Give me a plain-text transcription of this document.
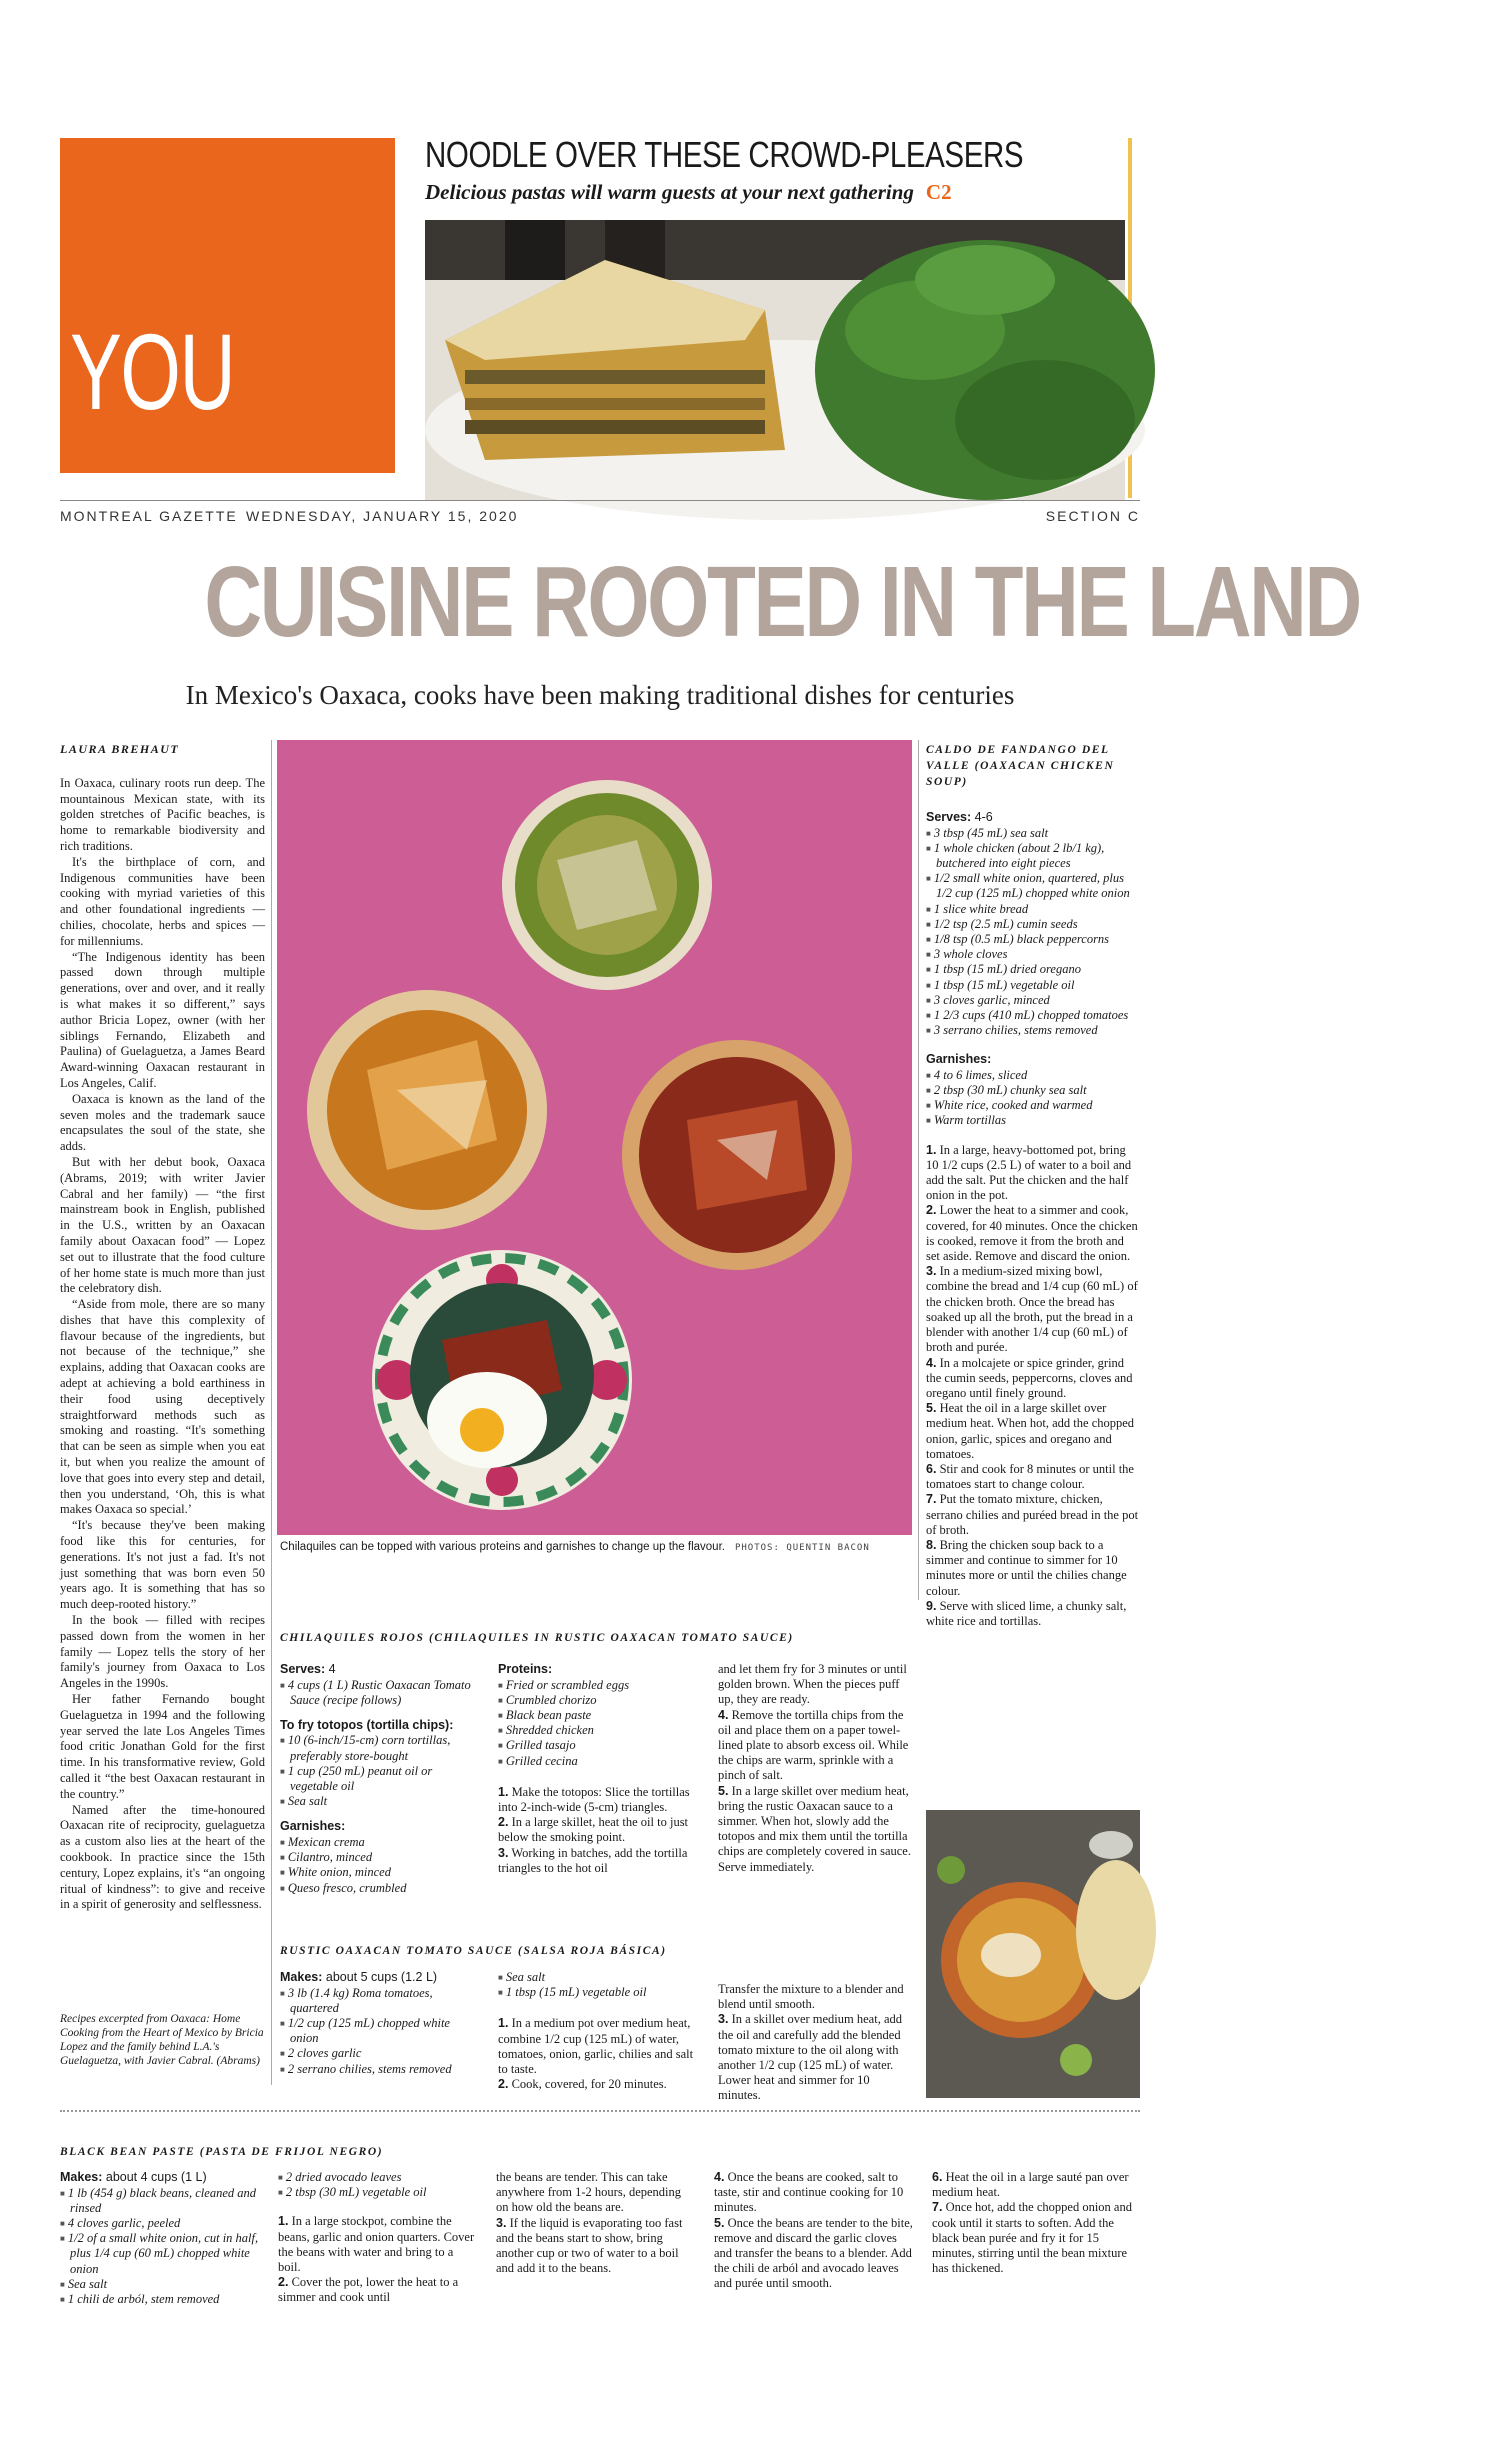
YOU
NOODLE OVER THESE CROWD-PLEASERS
Delicious pastas will warm guests at your next gathering C2
MONTREAL GAZETTE WEDNESDAY, JANUARY 15, 2020	SECTION C
CUISINE ROOTED IN THE LAND
In Mexico's Oaxaca, cooks have been making traditional dishes for centuries
LAURA BREHAUT

In Oaxaca, culinary roots run deep. The mountainous Mexican state, with its golden stretches of Pacific beaches, is home to remarkable biodiversity and rich traditions.

It's the birthplace of corn, and Indigenous communities have been cooking with myriad varieties of this and other foundational ingredients — chilies, chocolate, herbs and spices — for millenniums.

“The Indigenous identity has been passed down through multiple generations, over and over, and it really is what makes it so different,” says author Bricia Lopez, owner (with her siblings Fernando, Elizabeth and Paulina) of Guelaguetza, a James Beard Award-winning Oaxacan restaurant in Los Angeles, Calif.

Oaxaca is known as the land of the seven moles and the trademark sauce encapsulates the soul of the state, she adds.

But with her debut book, Oaxaca (Abrams, 2019; with writer Javier Cabral and her family) — “the first mainstream book in English, published in the U.S., written by an Oaxacan family about Oaxacan food” — Lopez set out to illustrate that the food culture of her home state is much more than just the celebratory dish.

“Aside from mole, there are so many dishes that have this complexity of flavour because of the ingredients, but not because of the technique,” she explains, adding that Oaxacan cooks are adept at achieving a bold earthiness in their food using deceptively straightforward methods such as smoking and roasting. “It's something that can be seen as simple when you eat it, but when you realize the amount of love that goes into every step and detail, then you understand, ‘Oh, this is what makes Oaxaca so special.’

“It's because they've been making food like this for centuries, for generations. It's not just a fad. It's not just something that was born even 50 years ago. It is something that has so much deep-rooted history.”

In the book — filled with recipes passed down from the women in her family — Lopez tells the story of her family's journey from Oaxaca to Los Angeles in the 1990s.

Her father Fernando bought Guelaguetza in 1994 and the following year served the late Los Angeles Times food critic Jonathan Gold for the first time. In his transformative review, Gold called it “the best Oaxacan restaurant in the country.”

Named after the time-honoured Oaxacan rite of reciprocity, guelaguetza as a custom also lies at the heart of the cookbook. In practice since the 15th century, Lopez explains, it's “an ongoing ritual of kindness”: to give and receive in a spirit of generosity and selflessness.

Recipes excerpted from Oaxaca: Home Cooking from the Heart of Mexico by Bricia Lopez and the family behind L.A.'s Guelaguetza, with Javier Cabral. (Abrams)
Chilaquiles can be topped with various proteins and garnishes to change up the flavour. PHOTOS: QUENTIN BACON
CALDO DE FANDANGO DEL VALLE (OAXACAN CHICKEN SOUP)
Serves: 4-6
■ 3 tbsp (45 mL) sea salt
■ 1 whole chicken (about 2 lb/1 kg), butchered into eight pieces
■ 1/2 small white onion, quartered, plus 1/2 cup (125 mL) chopped white onion
■ 1 slice white bread
■ 1/2 tsp (2.5 mL) cumin seeds
■ 1/8 tsp (0.5 mL) black peppercorns
■ 3 whole cloves
■ 1 tbsp (15 mL) dried oregano
■ 1 tbsp (15 mL) vegetable oil
■ 3 cloves garlic, minced
■ 1 2/3 cups (410 mL) chopped tomatoes
■ 3 serrano chilies, stems removed
Garnishes:
■ 4 to 6 limes, sliced
■ 2 tbsp (30 mL) chunky sea salt
■ White rice, cooked and warmed
■ Warm tortillas
1. In a large, heavy-bottomed pot, bring 10 1/2 cups (2.5 L) of water to a boil and add the salt. Put the chicken and the half onion in the pot.
2. Lower the heat to a simmer and cook, covered, for 40 minutes. Once the chicken is cooked, remove it from the broth and set aside. Remove and discard the onion.
3. In a medium-sized mixing bowl, combine the bread and 1/4 cup (60 mL) of the chicken broth. Once the bread has soaked up all the broth, put the bread in a blender with another 1/4 cup (60 mL) of broth and purée.
4. In a molcajete or spice grinder, grind the cumin seeds, peppercorns, cloves and oregano until finely ground.
5. Heat the oil in a large skillet over medium heat. When hot, add the chopped onion, garlic, spices and oregano and tomatoes.
6. Stir and cook for 8 minutes or until the tomatoes start to change colour.
7. Put the tomato mixture, chicken, serrano chilies and puréed bread in the pot of broth.
8. Bring the chicken soup back to a simmer and continue to simmer for 10 minutes more or until the chilies change colour.
9. Serve with sliced lime, a chunky salt, white rice and tortillas.
CHILAQUILES ROJOS (CHILAQUILES IN RUSTIC OAXACAN TOMATO SAUCE)
Serves: 4
■ 4 cups (1 L) Rustic Oaxacan Tomato Sauce (recipe follows)
To fry totopos (tortilla chips):
■ 10 (6-inch/15-cm) corn tortillas, preferably store-bought
■ 1 cup (250 mL) peanut oil or vegetable oil
■ Sea salt
Garnishes:
■ Mexican crema
■ Cilantro, minced
■ White onion, minced
■ Queso fresco, crumbled
Proteins:
■ Fried or scrambled eggs
■ Crumbled chorizo
■ Black bean paste
■ Shredded chicken
■ Grilled tasajo
■ Grilled cecina
1. Make the totopos: Slice the tortillas into 2-inch-wide (5-cm) triangles.
2. In a large skillet, heat the oil to just below the smoking point.
3. Working in batches, add the tortilla triangles to the hot oil
and let them fry for 3 minutes or until golden brown. When the pieces puff up, they are ready.
4. Remove the tortilla chips from the oil and place them on a paper towel-lined plate to absorb excess oil. While the chips are warm, sprinkle with a pinch of salt.
5. In a large skillet over medium heat, bring the rustic Oaxacan sauce to a simmer. When hot, slowly add the totopos and mix them until the tortilla chips are completely covered in sauce. Serve immediately.
RUSTIC OAXACAN TOMATO SAUCE (SALSA ROJA BÁSICA)
Makes: about 5 cups (1.2 L)
■ 3 lb (1.4 kg) Roma tomatoes, quartered
■ 1/2 cup (125 mL) chopped white onion
■ 2 cloves garlic
■ 2 serrano chilies, stems removed
■ Sea salt
■ 1 tbsp (15 mL) vegetable oil
1. In a medium pot over medium heat, combine 1/2 cup (125 mL) of water, tomatoes, onion, garlic, chilies and salt to taste.
2. Cook, covered, for 20 minutes.
Transfer the mixture to a blender and blend until smooth.
3. In a skillet over medium heat, add the oil and carefully add the blended tomato mixture to the oil along with another 1/2 cup (125 mL) of water. Lower heat and simmer for 10 minutes.
BLACK BEAN PASTE (PASTA DE FRIJOL NEGRO)
Makes: about 4 cups (1 L)
■ 1 lb (454 g) black beans, cleaned and rinsed
■ 4 cloves garlic, peeled
■ 1/2 of a small white onion, cut in half, plus 1/4 cup (60 mL) chopped white onion
■ Sea salt
■ 1 chili de arból, stem removed
■ 2 dried avocado leaves
■ 2 tbsp (30 mL) vegetable oil
1. In a large stockpot, combine the beans, garlic and onion quarters. Cover the beans with water and bring to a boil.
2. Cover the pot, lower the heat to a simmer and cook until
the beans are tender. This can take anywhere from 1-2 hours, depending on how old the beans are.
3. If the liquid is evaporating too fast and the beans start to show, bring another cup or two of water to a boil and add it to the beans.
4. Once the beans are cooked, salt to taste, stir and continue cooking for 10 minutes.
5. Once the beans are tender to the bite, remove and discard the garlic cloves and transfer the beans to a blender. Add the chili de arból and avocado leaves and purée until smooth.
6. Heat the oil in a large sauté pan over medium heat.
7. Once hot, add the chopped onion and cook until it starts to soften. Add the black bean purée and fry it for 15 minutes, stirring until the bean mixture has thickened.
